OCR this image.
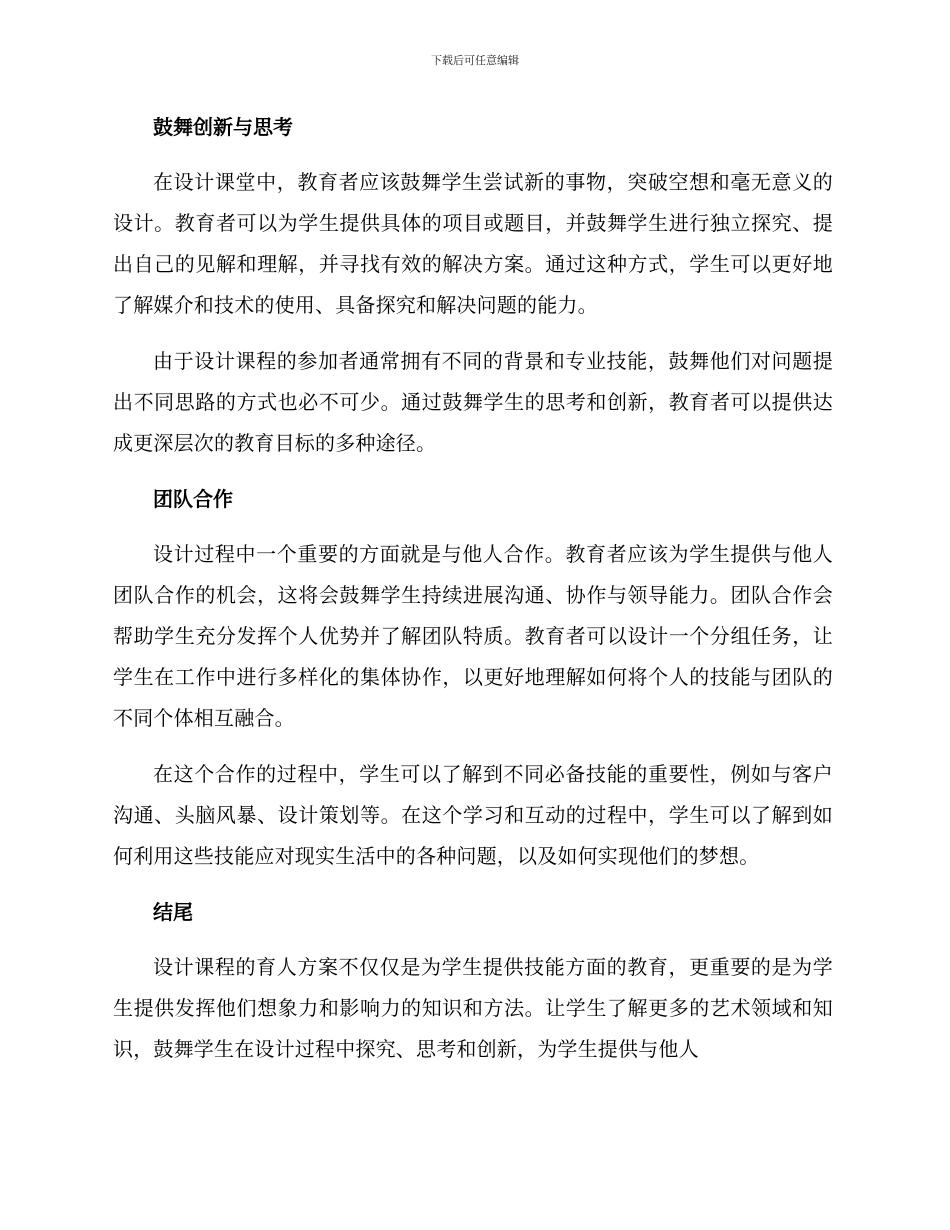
下载后可任意编辑
鼓舞创新与思考

在设计课堂中，教育者应该鼓舞学生尝试新的事物，突破空想和毫无意义的设计。教育者可以为学生提供具体的项目或题目，并鼓舞学生进行独立探究、提出自己的见解和理解，并寻找有效的解决方案。通过这种方式，学生可以更好地了解媒介和技术的使用、具备探究和解决问题的能力。

由于设计课程的参加者通常拥有不同的背景和专业技能，鼓舞他们对问题提出不同思路的方式也必不可少。通过鼓舞学生的思考和创新，教育者可以提供达成更深层次的教育目标的多种途径。

团队合作

设计过程中一个重要的方面就是与他人合作。教育者应该为学生提供与他人团队合作的机会，这将会鼓舞学生持续进展沟通、协作与领导能力。团队合作会帮助学生充分发挥个人优势并了解团队特质。教育者可以设计一个分组任务，让学生在工作中进行多样化的集体协作，以更好地理解如何将个人的技能与团队的不同个体相互融合。

在这个合作的过程中，学生可以了解到不同必备技能的重要性，例如与客户沟通、头脑风暴、设计策划等。在这个学习和互动的过程中，学生可以了解到如何利用这些技能应对现实生活中的各种问题，以及如何实现他们的梦想。

结尾

设计课程的育人方案不仅仅是为学生提供技能方面的教育，更重要的是为学生提供发挥他们想象力和影响力的知识和方法。让学生了解更多的艺术领域和知识，鼓舞学生在设计过程中探究、思考和创新，为学生提供与他人
